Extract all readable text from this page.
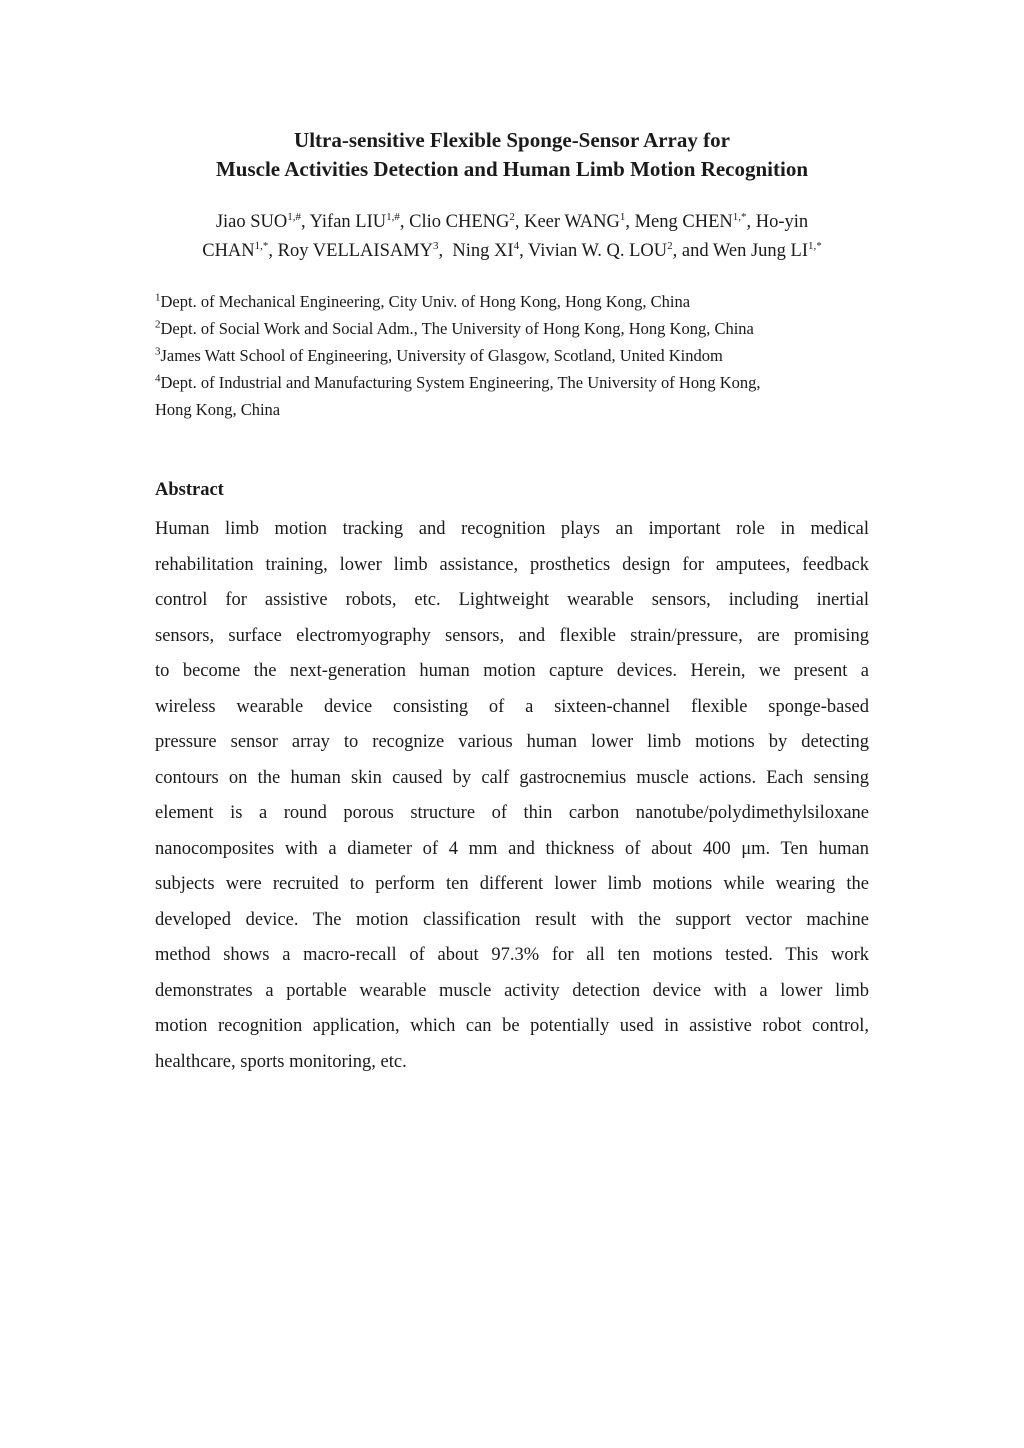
Ultra-sensitive Flexible Sponge-Sensor Array for
Muscle Activities Detection and Human Limb Motion Recognition
Jiao $SUO^{1,\#}$, Yifan $LIU^{1,\#}$, Clio CHENG$^2$, Keer WANG$^1$, Meng $CHEN^{1,*}$, Ho-yin
$CHAN^{1,*}$, Roy VELLAISAMY$^3$,  Ning $XI^4$, Vivian W. Q. LOU$^2$, and Wen Jung $LI^{1,*}$
$^1$Dept. of Mechanical Engineering, City Univ. of Hong Kong, Hong Kong, China
$^2$Dept. of Social Work and Social Adm., The University of Hong Kong, Hong Kong, China
$^3$James Watt School of Engineering, University of Glasgow, Scotland, United Kindom
$^4$Dept. of Industrial and Manufacturing System Engineering, The University of Hong Kong,
Hong Kong, China
Abstract
Human limb motion tracking and recognition plays an important role in medical
rehabilitation training, lower limb assistance, prosthetics design for amputees, feedback
control for assistive robots, etc. Lightweight wearable sensors, including inertial
sensors, surface electromyography sensors, and flexible strain/pressure, are promising
to become the next-generation human motion capture devices. Herein, we present a
wireless wearable device consisting of a sixteen-channel flexible sponge-based
pressure sensor array to recognize various human lower limb motions by detecting
contours on the human skin caused by calf gastrocnemius muscle actions. Each sensing
element is a round porous structure of thin carbon nanotube/polydimethylsiloxane
nanocomposites with a diameter of 4 mm and thickness of about 400 μm. Ten human
subjects were recruited to perform ten different lower limb motions while wearing the
developed device. The motion classification result with the support vector machine
method shows a macro-recall of about 97.3% for all ten motions tested. This work
demonstrates a portable wearable muscle activity detection device with a lower limb
motion recognition application, which can be potentially used in assistive robot control,
healthcare, sports monitoring, etc.
